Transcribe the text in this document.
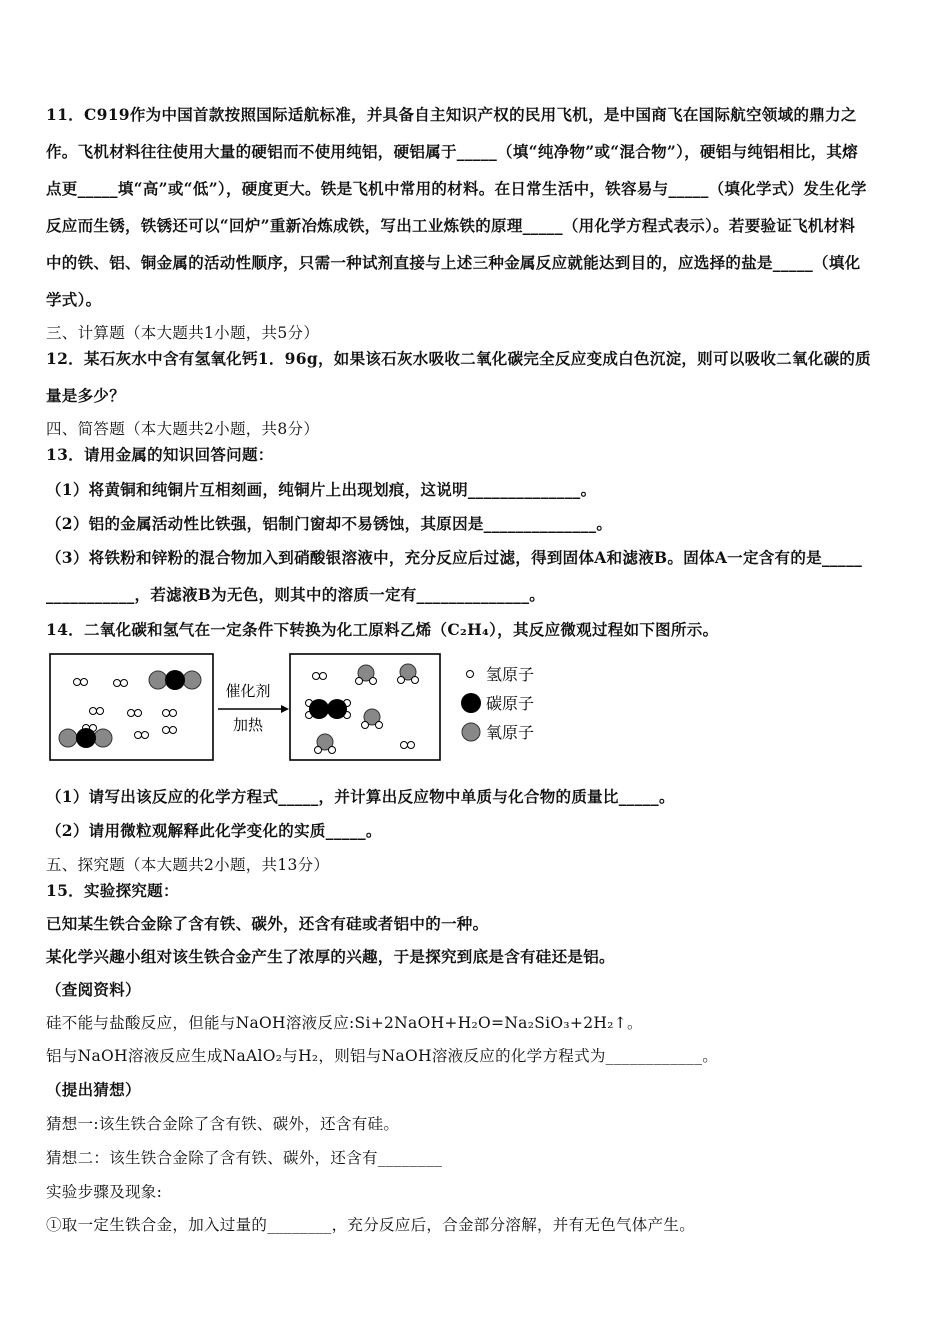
11．C919作为中国首款按照国际适航标准，并具备自主知识产权的民用飞机，是中国商飞在国际航空领域的鼎力之
作。飞机材料往往使用大量的硬铝而不使用纯铝，硬铝属于_____（填“纯净物”或“混合物”），硬铝与纯铝相比，其熔
点更_____填“高”或“低”），硬度更大。铁是飞机中常用的材料。在日常生活中，铁容易与_____（填化学式）发生化学
反应而生锈，铁锈还可以“回炉”重新冶炼成铁，写出工业炼铁的原理_____（用化学方程式表示）。若要验证飞机材料
中的铁、铝、铜金属的活动性顺序，只需一种试剂直接与上述三种金属反应就能达到目的，应选择的盐是_____（填化
学式）。
三、计算题（本大题共1小题，共5分）
12．某石灰水中含有氢氧化钙1．96g，如果该石灰水吸收二氧化碳完全反应变成白色沉淀，则可以吸收二氧化碳的质
量是多少？
四、简答题（本大题共2小题，共8分）
13．请用金属的知识回答问题：
（1）将黄铜和纯铜片互相刻画，纯铜片上出现划痕，这说明______________。
（2）铝的金属活动性比铁强，铝制门窗却不易锈蚀，其原因是______________。
（3）将铁粉和锌粉的混合物加入到硝酸银溶液中，充分反应后过滤，得到固体A和滤液B。固体A一定含有的是_____
___________，若滤液B为无色，则其中的溶质一定有______________。
14．二氧化碳和氢气在一定条件下转换为化工原料乙烯（C₂H₄），其反应微观过程如下图所示。
催化剂
加热
氢原子
碳原子
氧原子
（1）请写出该反应的化学方程式_____，并计算出反应物中单质与化合物的质量比_____。
（2）请用微粒观解释此化学变化的实质_____。
五、探究题（本大题共2小题，共13分）
15．实验探究题：
已知某生铁合金除了含有铁、碳外，还含有硅或者铝中的一种。
某化学兴趣小组对该生铁合金产生了浓厚的兴趣，于是探究到底是含有硅还是铝。
（查阅资料）
硅不能与盐酸反应，但能与NaOH溶液反应:Si+2NaOH+H₂O=Na₂SiO₃+2H₂↑。
铝与NaOH溶液反应生成NaAlO₂与H₂，则铝与NaOH溶液反应的化学方程式为____________。
（提出猜想）
猜想一:该生铁合金除了含有铁、碳外，还含有硅。
猜想二：该生铁合金除了含有铁、碳外，还含有________
实验步骤及现象:
①取一定生铁合金，加入过量的________，充分反应后，合金部分溶解，并有无色气体产生。
